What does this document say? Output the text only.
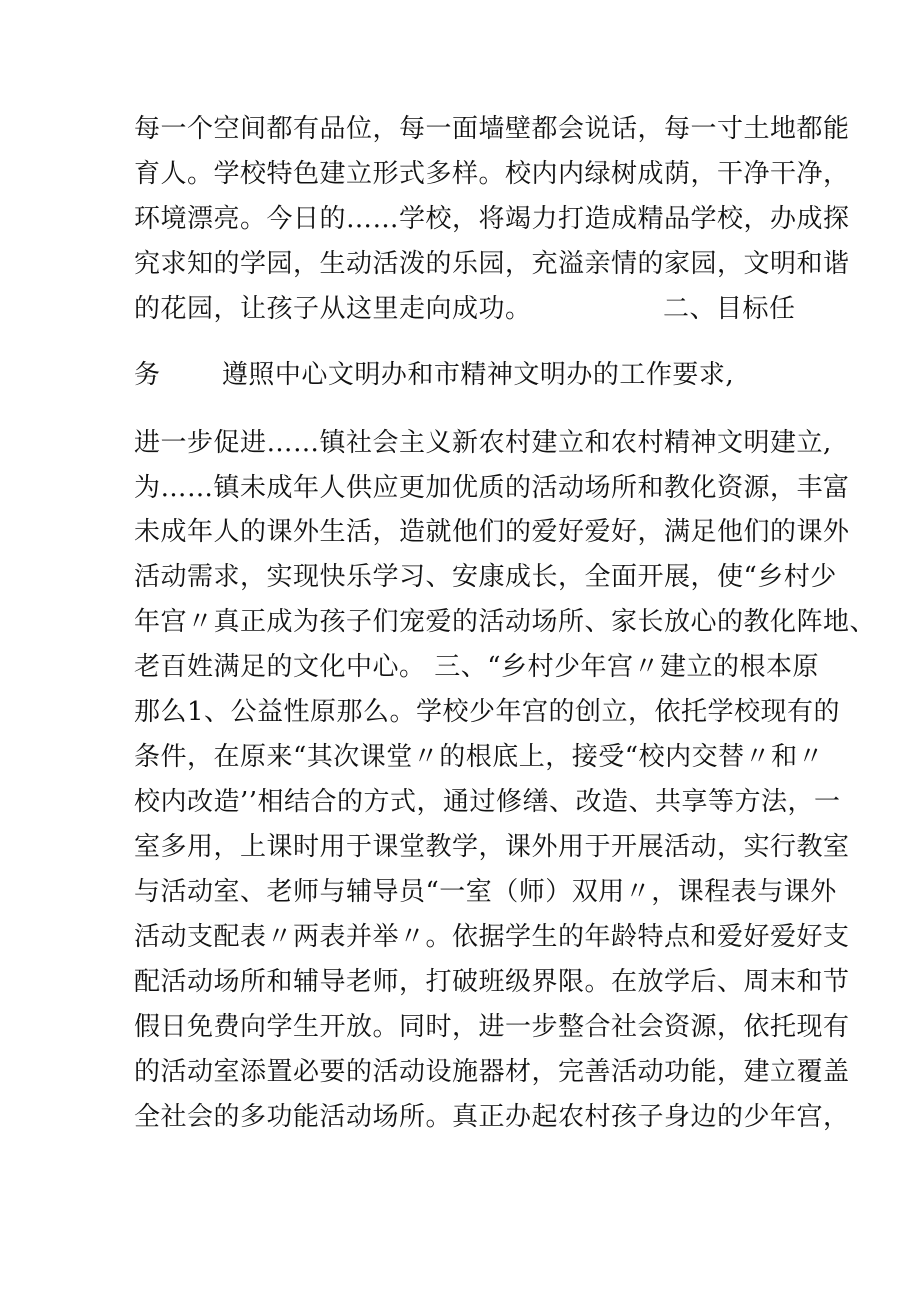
每一个空间都有品位，每一面墙壁都会说话，每一寸土地都能
育人。学校特色建立形式多样。校内内绿树成荫，干净干净，
环境漂亮。今日的……学校，将竭力打造成精品学校，办成探
究求知的学园，生动活泼的乐园，充溢亲情的家园，文明和谐
的花园，让孩子从这里走向成功。               二、目标任
务       遵照中心文明办和市精神文明办的工作要求,
进一步促进……镇社会主义新农村建立和农村精神文明建立,
为……镇未成年人供应更加优质的活动场所和教化资源，丰富
未成年人的课外生活，造就他们的爱好爱好，满足他们的课外
活动需求，实现快乐学习、安康成长，全面开展，使“乡村少
年宫〃真正成为孩子们宠爱的活动场所、家长放心的教化阵地、
老百姓满足的文化中心。 三、“乡村少年宫〃建立的根本原
那么1、公益性原那么。学校少年宫的创立，依托学校现有的
条件，在原来“其次课堂〃的根底上，接受“校内交替〃和〃
校内改造’’相结合的方式，通过修缮、改造、共享等方法，一
室多用，上课时用于课堂教学，课外用于开展活动，实行教室
与活动室、老师与辅导员“一室（师）双用〃，课程表与课外
活动支配表〃两表并举〃。依据学生的年龄特点和爱好爱好支
配活动场所和辅导老师，打破班级界限。在放学后、周末和节
假日免费向学生开放。同时，进一步整合社会资源，依托现有
的活动室添置必要的活动设施器材，完善活动功能，建立覆盖
全社会的多功能活动场所。真正办起农村孩子身边的少年宫，
